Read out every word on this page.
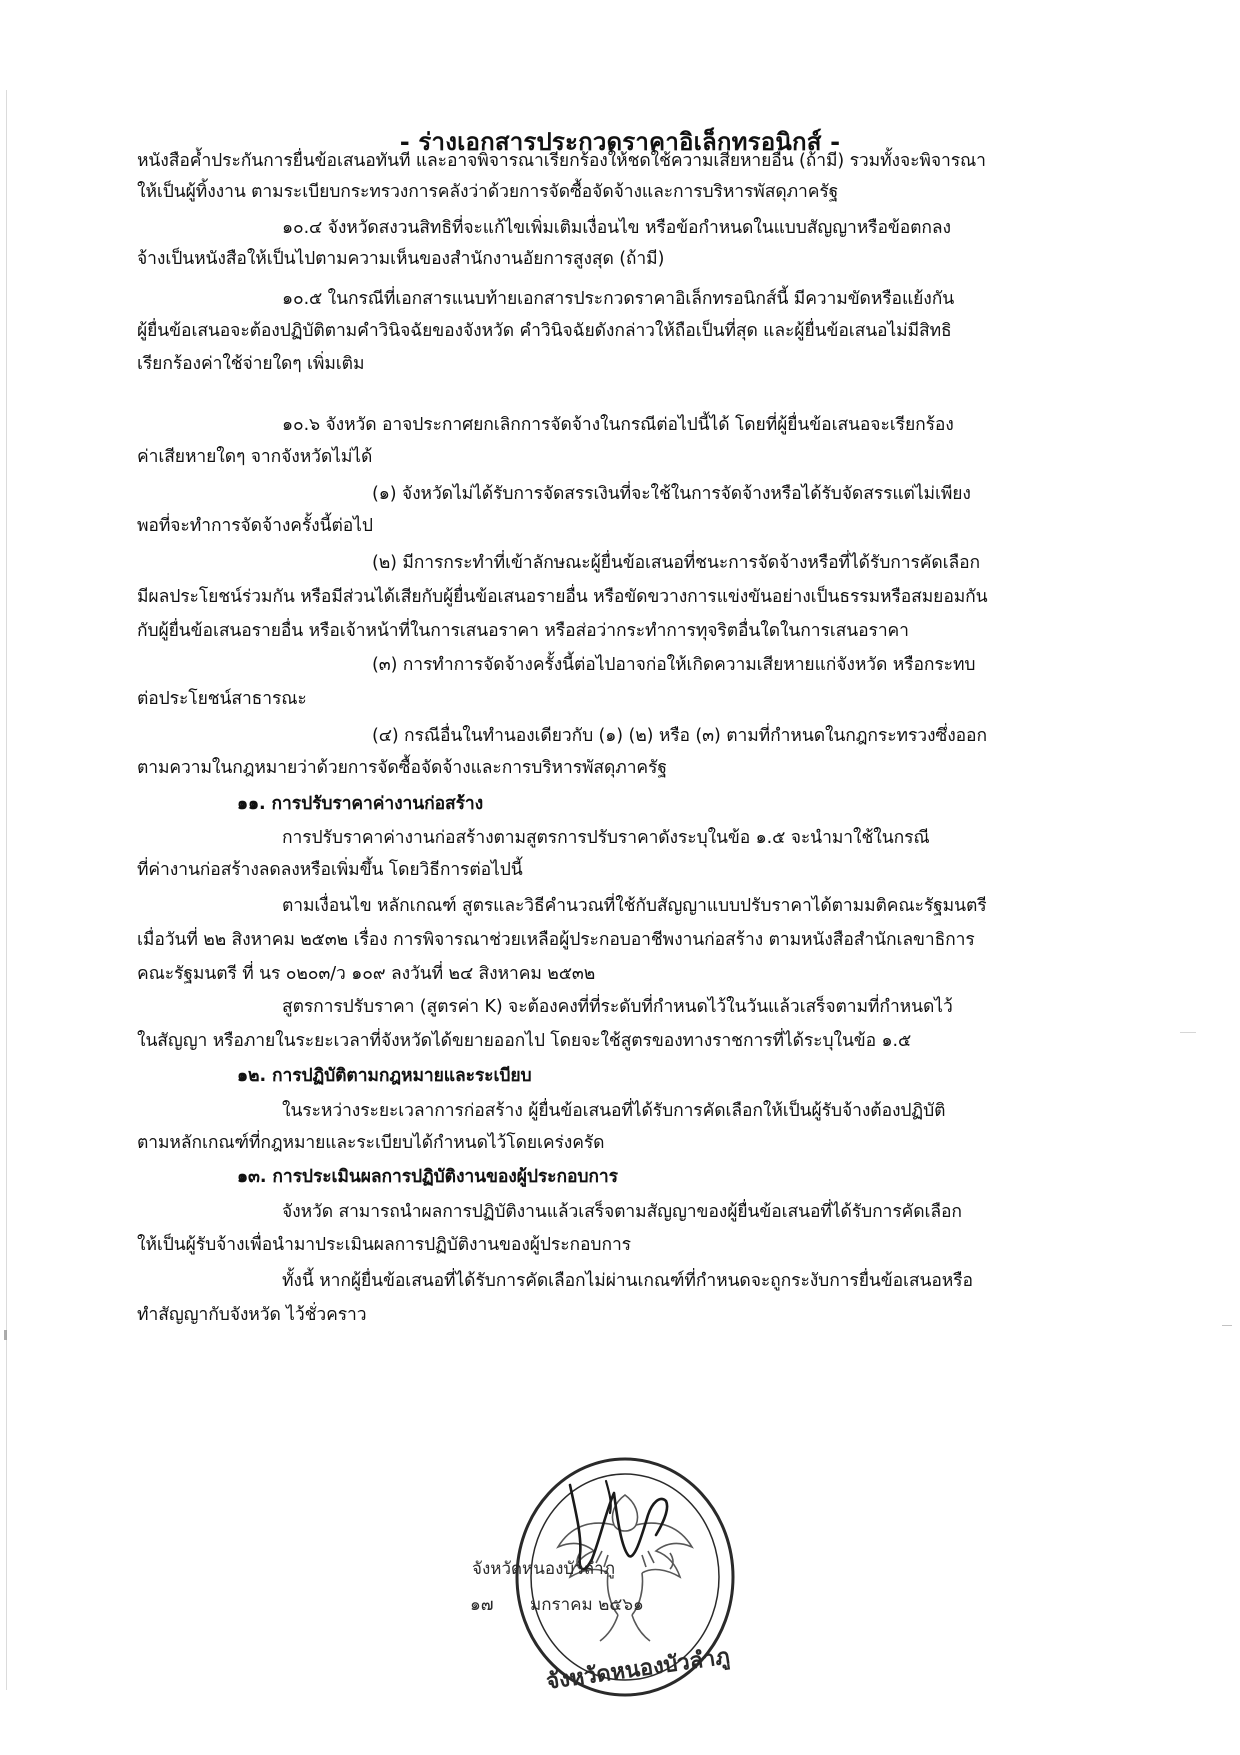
- ร่างเอกสารประกวดราคาอิเล็กทรอนิกส์ -
หนังสือค้ำประกันการยื่นข้อเสนอทันที และอาจพิจารณาเรียกร้องให้ชดใช้ความเสียหายอื่น (ถ้ามี) รวมทั้งจะพิจารณา
ให้เป็นผู้ทิ้งงาน ตามระเบียบกระทรวงการคลังว่าด้วยการจัดซื้อจัดจ้างและการบริหารพัสดุภาครัฐ
๑๐.๔ จังหวัดสงวนสิทธิที่จะแก้ไขเพิ่มเติมเงื่อนไข หรือข้อกำหนดในแบบสัญญาหรือข้อตกลง
จ้างเป็นหนังสือให้เป็นไปตามความเห็นของสำนักงานอัยการสูงสุด (ถ้ามี)
๑๐.๕ ในกรณีที่เอกสารแนบท้ายเอกสารประกวดราคาอิเล็กทรอนิกส์นี้ มีความขัดหรือแย้งกัน
ผู้ยื่นข้อเสนอจะต้องปฏิบัติตามคำวินิจฉัยของจังหวัด คำวินิจฉัยดังกล่าวให้ถือเป็นที่สุด และผู้ยื่นข้อเสนอไม่มีสิทธิ
เรียกร้องค่าใช้จ่ายใดๆ เพิ่มเติม
๑๐.๖ จังหวัด อาจประกาศยกเลิกการจัดจ้างในกรณีต่อไปนี้ได้ โดยที่ผู้ยื่นข้อเสนอจะเรียกร้อง
ค่าเสียหายใดๆ จากจังหวัดไม่ได้
(๑) จังหวัดไม่ได้รับการจัดสรรเงินที่จะใช้ในการจัดจ้างหรือได้รับจัดสรรแต่ไม่เพียง
พอที่จะทำการจัดจ้างครั้งนี้ต่อไป
(๒) มีการกระทำที่เข้าลักษณะผู้ยื่นข้อเสนอที่ชนะการจัดจ้างหรือที่ได้รับการคัดเลือก
มีผลประโยชน์ร่วมกัน หรือมีส่วนได้เสียกับผู้ยื่นข้อเสนอรายอื่น หรือขัดขวางการแข่งขันอย่างเป็นธรรมหรือสมยอมกัน
กับผู้ยื่นข้อเสนอรายอื่น หรือเจ้าหน้าที่ในการเสนอราคา หรือส่อว่ากระทำการทุจริตอื่นใดในการเสนอราคา
(๓) การทำการจัดจ้างครั้งนี้ต่อไปอาจก่อให้เกิดความเสียหายแก่จังหวัด หรือกระทบ
ต่อประโยชน์สาธารณะ
(๔) กรณีอื่นในทำนองเดียวกับ (๑) (๒) หรือ (๓) ตามที่กำหนดในกฎกระทรวงซึ่งออก
ตามความในกฎหมายว่าด้วยการจัดซื้อจัดจ้างและการบริหารพัสดุภาครัฐ
๑๑. การปรับราคาค่างานก่อสร้าง
การปรับราคาค่างานก่อสร้างตามสูตรการปรับราคาดังระบุในข้อ ๑.๕ จะนำมาใช้ในกรณี
ที่ค่างานก่อสร้างลดลงหรือเพิ่มขึ้น โดยวิธีการต่อไปนี้
ตามเงื่อนไข หลักเกณฑ์ สูตรและวิธีคำนวณที่ใช้กับสัญญาแบบปรับราคาได้ตามมติคณะรัฐมนตรี
เมื่อวันที่ ๒๒ สิงหาคม ๒๕๓๒ เรื่อง การพิจารณาช่วยเหลือผู้ประกอบอาชีพงานก่อสร้าง ตามหนังสือสำนักเลขาธิการ
คณะรัฐมนตรี ที่ นร ๐๒๐๓/ว ๑๐๙ ลงวันที่ ๒๔ สิงหาคม ๒๕๓๒
สูตรการปรับราคา (สูตรค่า K) จะต้องคงที่ที่ระดับที่กำหนดไว้ในวันแล้วเสร็จตามที่กำหนดไว้
ในสัญญา หรือภายในระยะเวลาที่จังหวัดได้ขยายออกไป โดยจะใช้สูตรของทางราชการที่ได้ระบุในข้อ ๑.๕
๑๒. การปฏิบัติตามกฎหมายและระเบียบ
ในระหว่างระยะเวลาการก่อสร้าง ผู้ยื่นข้อเสนอที่ได้รับการคัดเลือกให้เป็นผู้รับจ้างต้องปฏิบัติ
ตามหลักเกณฑ์ที่กฎหมายและระเบียบได้กำหนดไว้โดยเคร่งครัด
๑๓. การประเมินผลการปฏิบัติงานของผู้ประกอบการ
จังหวัด สามารถนำผลการปฏิบัติงานแล้วเสร็จตามสัญญาของผู้ยื่นข้อเสนอที่ได้รับการคัดเลือก
ให้เป็นผู้รับจ้างเพื่อนำมาประเมินผลการปฏิบัติงานของผู้ประกอบการ
ทั้งนี้ หากผู้ยื่นข้อเสนอที่ได้รับการคัดเลือกไม่ผ่านเกณฑ์ที่กำหนดจะถูกระงับการยื่นข้อเสนอหรือ
ทำสัญญากับจังหวัด ไว้ชั่วคราว
จังหวัดหนองบัวลำภู
จังหวัดหนองบัวลำภู
๑๗ มกราคม ๒๕๖๑
